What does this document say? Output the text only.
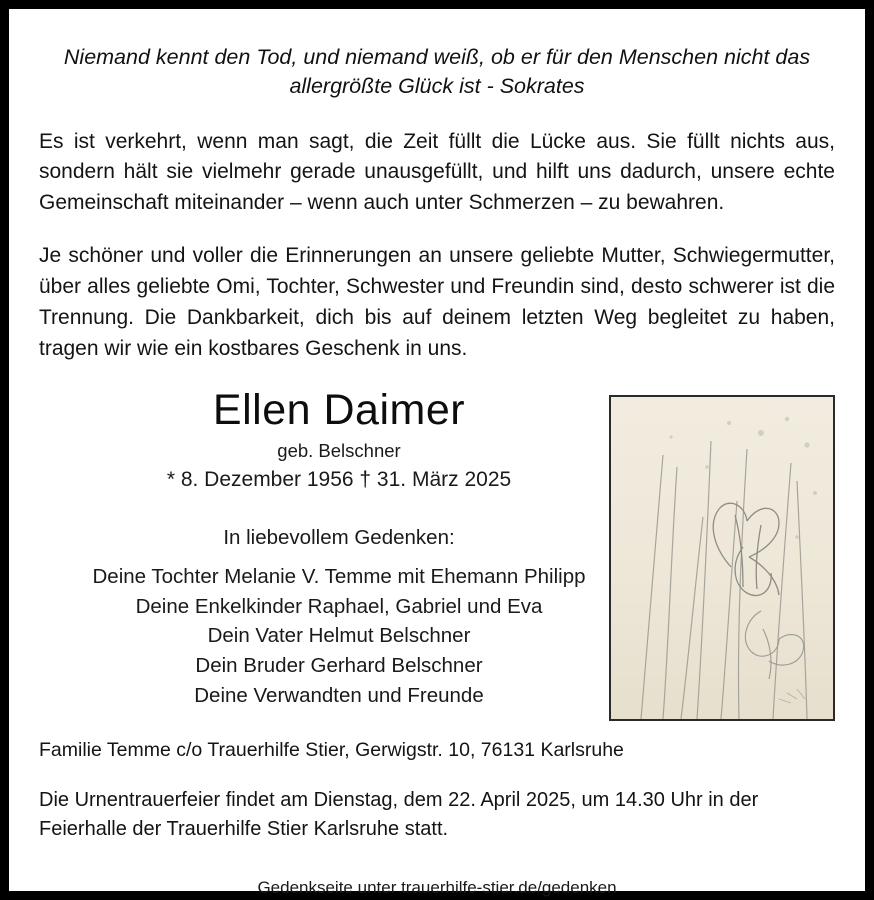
Niemand kennt den Tod, und niemand weiß, ob er für den Menschen nicht das allergrößte Glück ist - Sokrates

Es ist verkehrt, wenn man sagt, die Zeit füllt die Lücke aus. Sie füllt nichts aus, sondern hält sie vielmehr gerade unausgefüllt, und hilft uns dadurch, unsere echte Gemeinschaft miteinander – wenn auch unter Schmerzen – zu bewahren.

Je schöner und voller die Erinnerungen an unsere geliebte Mutter, Schwiegermutter, über alles geliebte Omi, Tochter, Schwester und Freundin sind, desto schwerer ist die Trennung. Die Dankbarkeit, dich bis auf deinem letzten Weg begleitet zu haben, tragen wir wie ein kostbares Geschenk in uns.

Ellen Daimer
geb. Belschner
* 8. Dezember 1956 † 31. März 2025
In liebevollem Gedenken:
Deine Tochter Melanie V. Temme mit Ehemann Philipp
Deine Enkelkinder Raphael, Gabriel und Eva
Dein Vater Helmut Belschner
Dein Bruder Gerhard Belschner
Deine Verwandten und Freunde

Familie Temme c/o Trauerhilfe Stier, Gerwigstr. 10, 76131 Karlsruhe

Die Urnentrauerfeier findet am Dienstag, dem 22. April 2025, um 14.30 Uhr in der Feierhalle der Trauerhilfe Stier Karlsruhe statt.

Gedenkseite unter trauerhilfe-stier.de/gedenken
